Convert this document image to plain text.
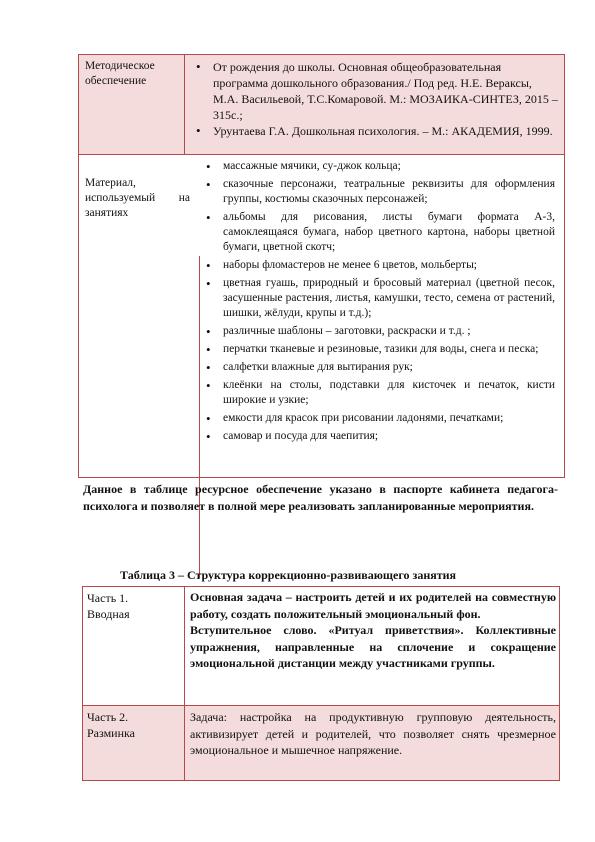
Методическое обеспечение
• От рождения до школы. Основная общеобразовательная программа дошкольного образования./ Под ред. Н.Е. Вераксы, М.А. Васильевой, Т.С.Комаровой. М.: МОЗАИКА-СИНТЕЗ, 2015 – 315с.;
• Урунтаева Г.А. Дошкольная психология. – М.: АКАДЕМИЯ, 1999.
Материал, используемый на занятиях
• массажные мячики, су-джок кольца;
• сказочные персонажи, театральные реквизиты для оформления группы, костюмы сказочных персонажей;
• альбомы для рисования, листы бумаги формата А-3, самоклеящаяся бумага, набор цветного картона, наборы цветной бумаги, цветной скотч;
• наборы фломастеров не менее 6 цветов, мольберты;
• цветная гуашь, природный и бросовый материал (цветной песок, засушенные растения, листья, камушки, тесто, семена от растений, шишки, жёлуди, крупы и т.д.);
• различные шаблоны – заготовки, раскраски и т.д. ;
• перчатки тканевые и резиновые, тазики для воды, снега и песка;
• салфетки влажные для вытирания рук;
• клеёнки на столы, подставки для кисточек и печаток, кисти широкие и узкие;
• емкости для красок при рисовании ладонями, печатками;
• самовар и посуда для чаепития;
Данное в таблице ресурсное обеспечение указано в паспорте кабинета педагога-психолога и позволяет в полной мере реализовать запланированные мероприятия.
Таблица 3 – Структура коррекционно-развивающего занятия
Часть 1.
Вводная
Основная задача – настроить детей и их родителей на совместную работу, создать положительный эмоциональный фон.
Вступительное слово. «Ритуал приветствия». Коллективные упражнения, направленные на сплочение и сокращение эмоциональной дистанции между участниками группы.
Часть 2.
Разминка
Задача: настройка на продуктивную групповую деятельность, активизирует детей и родителей, что позволяет снять чрезмерное эмоциональное и мышечное напряжение.
